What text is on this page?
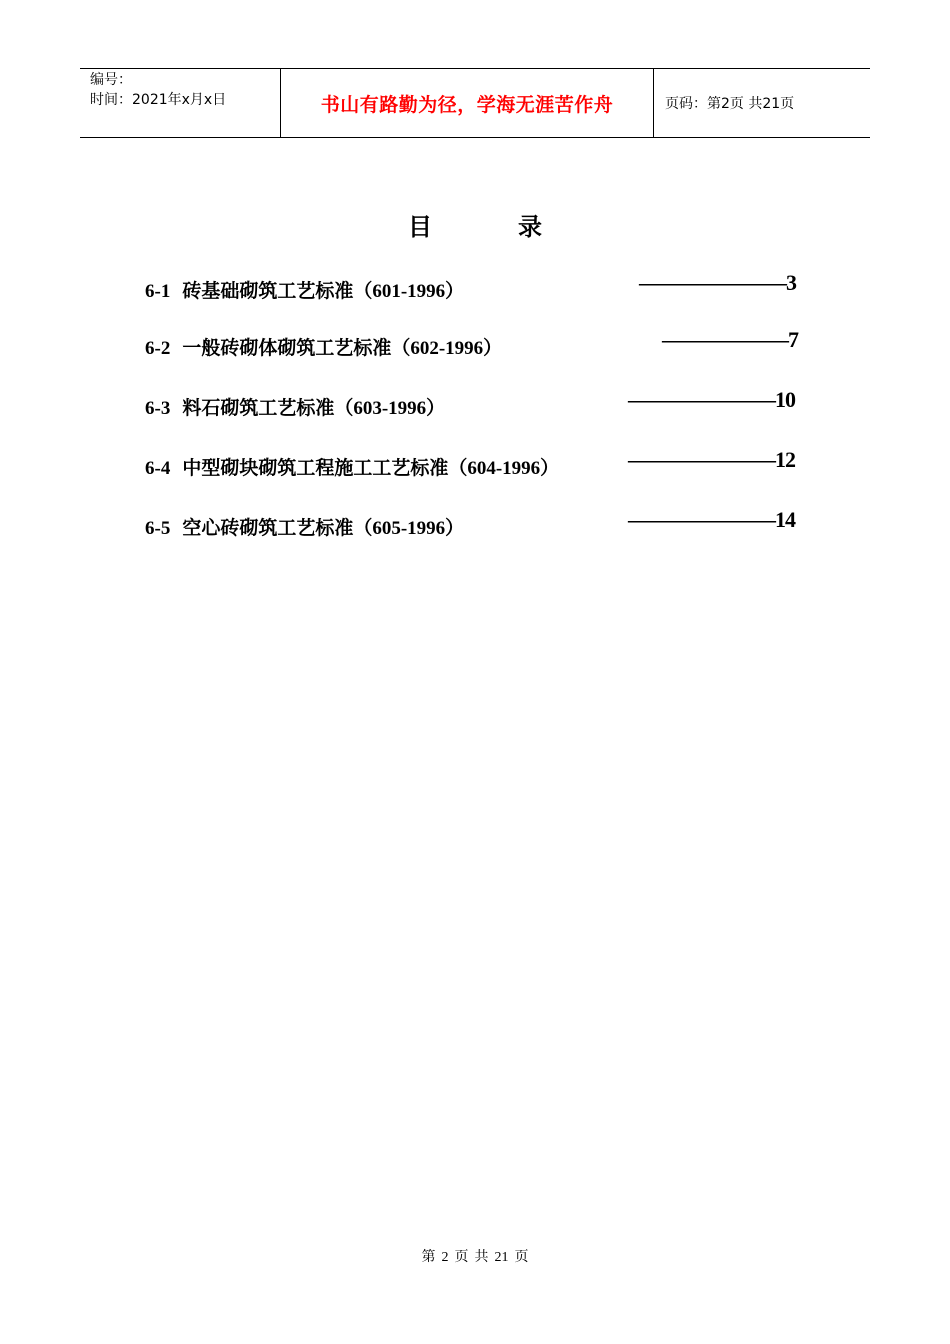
编号：
时间：2021年x月x日	书山有路勤为径，学海无涯苦作舟	页码：第2页 共21页
目	录
6-1 砖基础砌筑工艺标准（601-1996）	———————3
6-2 一般砖砌体砌筑工艺标准（602-1996）	——————7
6-3 料石砌筑工艺标准（603-1996）	———————10
6-4 中型砌块砌筑工程施工工艺标准（604-1996）	———————12
6-5 空心砖砌筑工艺标准（605-1996）	———————14
第 2 页 共 21 页
